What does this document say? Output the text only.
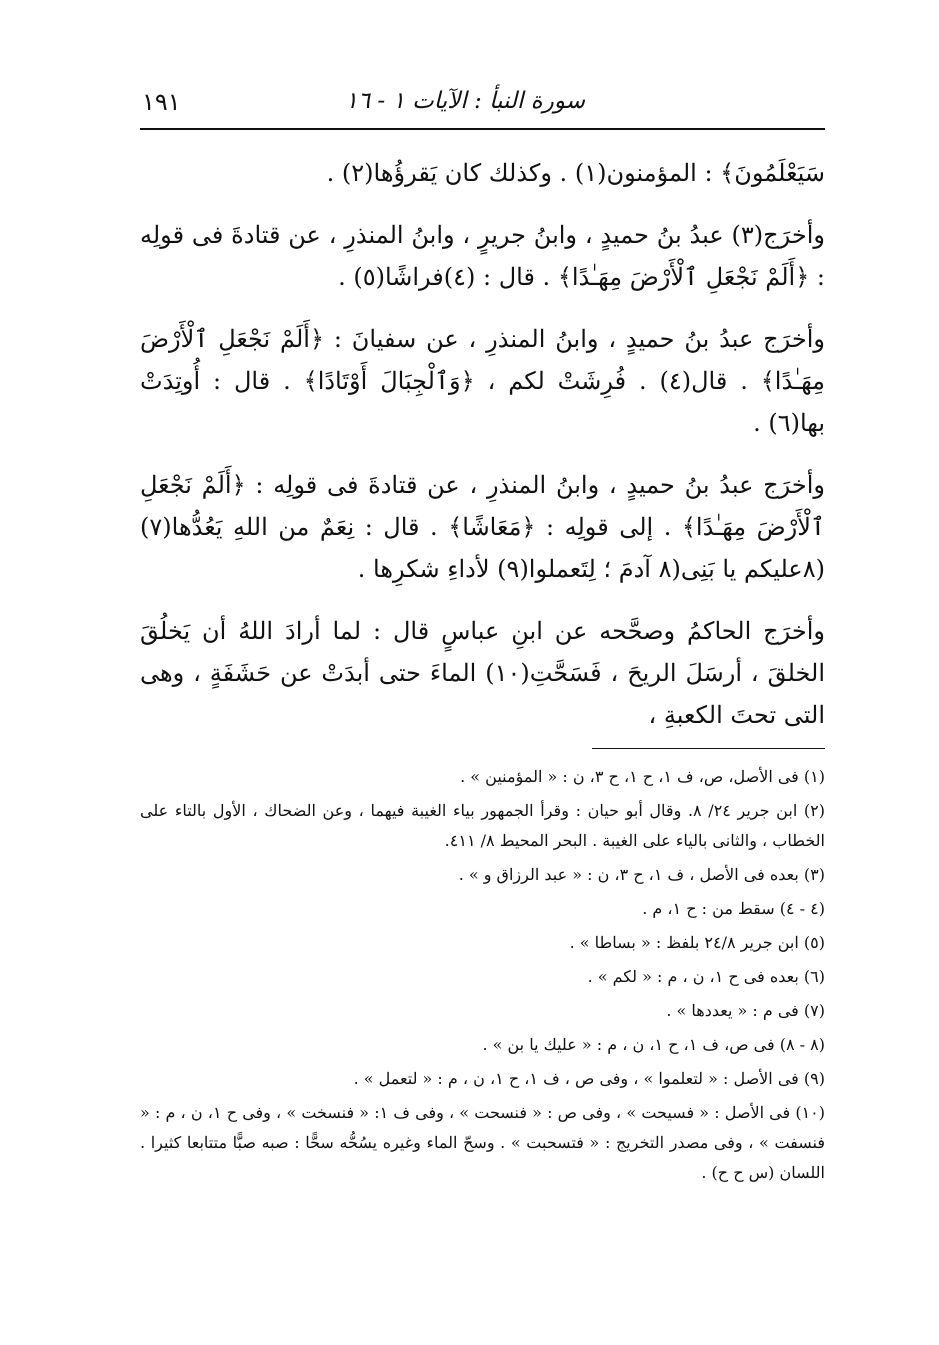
سورة النبأ : الآيات ١ - ١٦
١٩١

سَيَعْلَمُونَ﴾ : المؤمنون(١) . وكذلك كان يَقرؤُها(٢) .

وأخرَج(٣) عبدُ بنُ حميدٍ ، وابنُ جريرٍ ، وابنُ المنذرِ ، عن قتادةَ فى قولِه : ﴿أَلَمْ نَجْعَلِ ٱلْأَرْضَ مِهَـٰدًا﴾ . قال : (٤)فراشًا(٥) .

وأخرَج عبدُ بنُ حميدٍ ، وابنُ المنذرِ ، عن سفيانَ : ﴿أَلَمْ نَجْعَلِ ٱلْأَرْضَ مِهَـٰدًا﴾ . قال(٤) . فُرِشَتْ لكم ، ﴿وَٱلْجِبَالَ أَوْتَادًا﴾ . قال : أُوتِدَتْ بها(٦) .

وأخرَج عبدُ بنُ حميدٍ ، وابنُ المنذرِ ، عن قتادةَ فى قولِه : ﴿أَلَمْ نَجْعَلِ ٱلْأَرْضَ مِهَـٰدًا﴾ . إلى قولِه : ﴿مَعَاشًا﴾ . قال : نِعَمٌ من اللهِ يَعُدُّها(٧) (٨عليكم يا بَنِى(٨ آدمَ ؛ لِتَعملوا(٩) لأداءِ شكرِها .

وأخرَج الحاكمُ وصحَّحه عن ابنِ عباسٍ قال : لما أرادَ اللهُ أن يَخلُقَ الخلقَ ، أرسَلَ الريحَ ، فَسَحَّتِ(١٠) الماءَ حتى أبدَتْ عن حَشَفَةٍ ، وهى التى تحتَ الكعبةِ ،

(١) فى الأصل، ص، ف ١، ح ١، ح ٣، ن : « المؤمنين » .

(٢) ابن جرير ٢٤/ ٨. وقال أبو حيان : وقرأ الجمهور بياء الغيبة فيهما ، وعن الضحاك ، الأول بالتاء على الخطاب ، والثانى بالياء على الغيبة . البحر المحيط ٨/ ٤١١.

(٣) بعده فى الأصل ، ف ١، ح ٣، ن : « عبد الرزاق و » .

(٤ - ٤) سقط من : ح ١، م .

(٥) ابن جرير ٢٤/٨ بلفظ : « بساطا » .

(٦) بعده فى ح ١، ن ، م : « لكم » .

(٧) فى م : « يعددها » .

(٨ - ٨) فى ص، ف ١، ح ١، ن ، م : « عليك يا بن » .

(٩) فى الأصل : « لتعلموا » ، وفى ص ، ف ١، ح ١، ن ، م : « لتعمل » .

(١٠) فى الأصل : « فسيحت » ، وفى ص : « فنسحت » ، وفى ف ١: « فنسخت » ، وفى ح ١، ن ، م : « فنسفت » ، وفى مصدر التخريج : « فتسحبت » . وسحّ الماء وغيره يسُحُّه سحًّا : صبه صبًّا متتابعا كثيرا . اللسان (س ح ح) .
